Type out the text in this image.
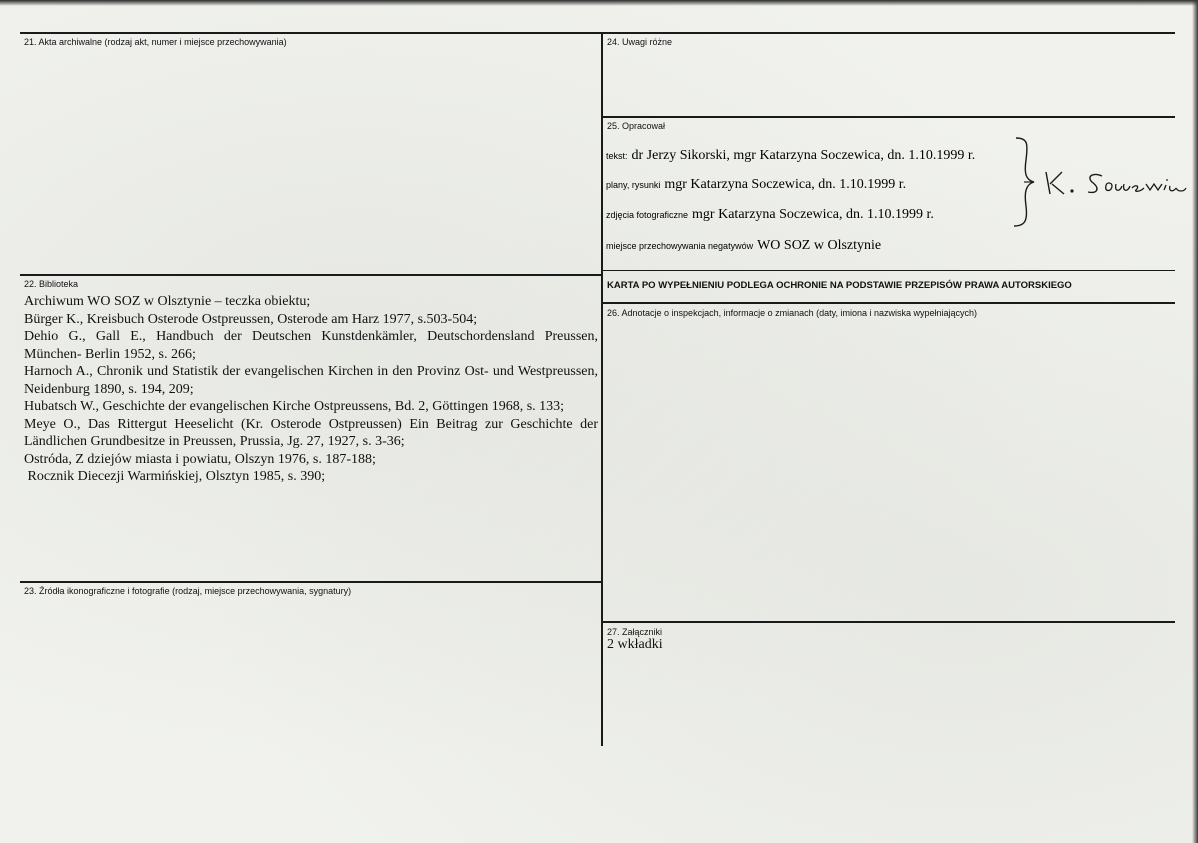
21. Akta archiwalne (rodzaj akt, numer i miejsce przechowywania)
22. Biblioteka
Archiwum WO SOZ w Olsztynie – teczka obiektu;
Bürger K., Kreisbuch Osterode Ostpreussen, Osterode am Harz 1977, s.503-504;
Dehio G., Gall E., Handbuch der Deutschen Kunstdenkämler, Deutschordensland Preussen, München- Berlin 1952, s. 266;
Harnoch A., Chronik und Statistik der evangelischen Kirchen in den Provinz Ost- und Westpreussen, Neidenburg 1890, s. 194, 209;
Hubatsch W., Geschichte der evangelischen Kirche Ostpreussens, Bd. 2, Göttingen 1968, s. 133;
Meye O., Das Rittergut Heeselicht (Kr. Osterode Ostpreussen) Ein Beitrag zur Geschichte der Ländlichen Grundbesitze in Preussen, Prussia, Jg. 27, 1927, s. 3-36;
Ostróda, Z dziejów miasta i powiatu, Olszyn 1976, s. 187-188;
Rocznik Diecezji Warmińskiej, Olsztyn 1985, s. 390;
23. Źródła ikonograficzne i fotografie (rodzaj, miejsce przechowywania, sygnatury)
24. Uwagi różne
25. Opracował
tekst: dr Jerzy Sikorski, mgr Katarzyna Soczewica, dn. 1.10.1999 r.
plany, rysunki mgr Katarzyna Soczewica, dn. 1.10.1999 r.
zdjęcia fotograficzne mgr Katarzyna Soczewica, dn. 1.10.1999 r.
miejsce przechowywania negatywów WO SOZ w Olsztynie
KARTA PO WYPEŁNIENIU PODLEGA OCHRONIE NA PODSTAWIE PRZEPISÓW PRAWA AUTORSKIEGO
26. Adnotacje o inspekcjach, informacje o zmianach (daty, imiona i nazwiska wypełniających)
27. Załączniki
2 wkładki
